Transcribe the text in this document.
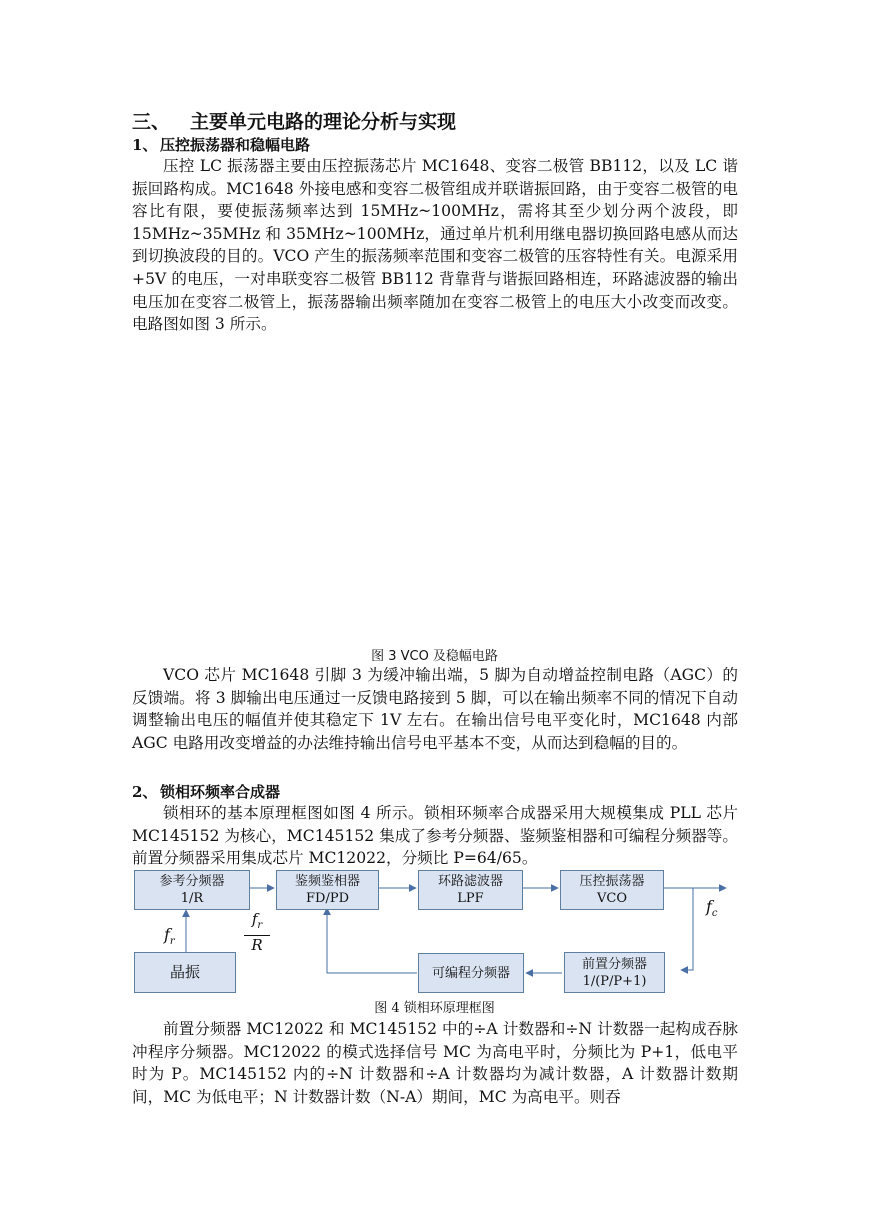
三、 主要单元电路的理论分析与实现
1、 压控振荡器和稳幅电路

压控 LC 振荡器主要由压控振荡芯片 MC1648、变容二极管 BB112，以及 LC 谐振回路构成。MC1648 外接电感和变容二极管组成并联谐振回路，由于变容二极管的电容比有限，要使振荡频率达到 15MHz~100MHz，需将其至少划分两个波段，即 15MHz~35MHz 和 35MHz~100MHz，通过单片机利用继电器切换回路电感从而达到切换波段的目的。VCO 产生的振荡频率范围和变容二极管的压容特性有关。电源采用+5V 的电压，一对串联变容二极管 BB112 背靠背与谐振回路相连，环路滤波器的输出电压加在变容二极管上，振荡器输出频率随加在变容二极管上的电压大小改变而改变。电路图如图 3 所示。

图 3 VCO 及稳幅电路

VCO 芯片 MC1648 引脚 3 为缓冲输出端，5 脚为自动增益控制电路（AGC）的反馈端。将 3 脚输出电压通过一反馈电路接到 5 脚，可以在输出频率不同的情况下自动调整输出电压的幅值并使其稳定下 1V 左右。在输出信号电平变化时，MC1648 内部 AGC 电路用改变增益的办法维持输出信号电平基本不变，从而达到稳幅的目的。

2、 锁相环频率合成器

锁相环的基本原理框图如图 4 所示。锁相环频率合成器采用大规模集成 PLL 芯片 MC145152 为核心，MC145152 集成了参考分频器、鉴频鉴相器和可编程分频器等。前置分频器采用集成芯片 MC12022，分频比 P=64/65。

参考分频器
1/R
鉴频鉴相器
FD/PD
环路滤波器
LPF
压控振荡器
VCO
晶振	可编程分频器
前置分频器
1/(P/P+1)
$f_r$
$f_c$
$\frac{f_r}{R}$
图 4 锁相环原理框图

前置分频器 MC12022 和 MC145152 中的÷A 计数器和÷N 计数器一起构成吞脉冲程序分频器。MC12022 的模式选择信号 MC 为高电平时，分频比为 P+1，低电平时为 P。MC145152 内的÷N 计数器和÷A 计数器均为减计数器，A 计数器计数期间，MC 为低电平；N 计数器计数（N-A）期间，MC 为高电平。则吞
